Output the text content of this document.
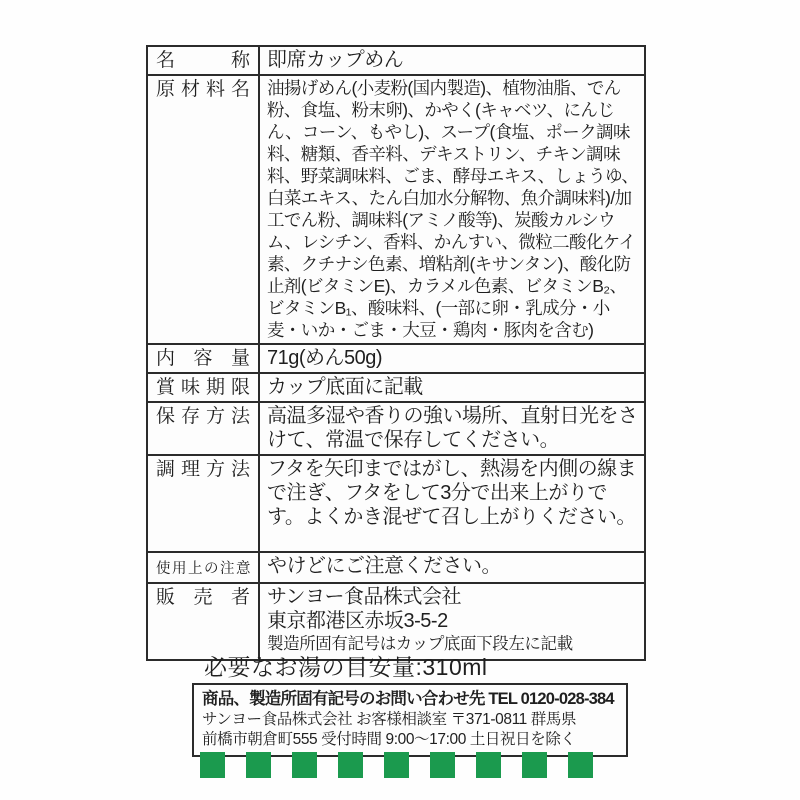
名称 即席カップめん
原材料名 油揚げめん(小麦粉(国内製造)、植物油脂、でん粉、食塩、粉末卵)、かやく(キャベツ、にんじん、コーン、もやし)、スープ(食塩、ポーク調味料、糖類、香辛料、デキストリン、チキン調味料、野菜調味料、ごま、酵母エキス、しょうゆ、白菜エキス、たん白加水分解物、魚介調味料)/加工でん粉、調味料(アミノ酸等)、炭酸カルシウム、レシチン、香料、かんすい、微粒二酸化ケイ素、クチナシ色素、増粘剤(キサンタン)、酸化防止剤(ビタミンE)、カラメル色素、ビタミンB₂、ビタミンB₁、酸味料、(一部に卵・乳成分・小麦・いか・ごま・大豆・鶏肉・豚肉を含む)
内容量 71g(めん50g)
賞味期限 カップ底面に記載
保存方法 高温多湿や香りの強い場所、直射日光をさけて、常温で保存してください。
調理方法 フタを矢印まではがし、熱湯を内側の線まで注ぎ、フタをして3分で出来上がりです。よくかき混ぜて召し上がりください。
使用上の注意 やけどにご注意ください。
販売者 サンヨー食品株式会社
東京都港区赤坂3-5-2
製造所固有記号はカップ底面下段左に記載
必要なお湯の目安量:310ml
商品、製造所固有記号のお問い合わせ先 TEL 0120-028-384
サンヨー食品株式会社 お客様相談室 〒371-0811 群馬県
前橋市朝倉町555 受付時間 9:00〜17:00 土日祝日を除く
